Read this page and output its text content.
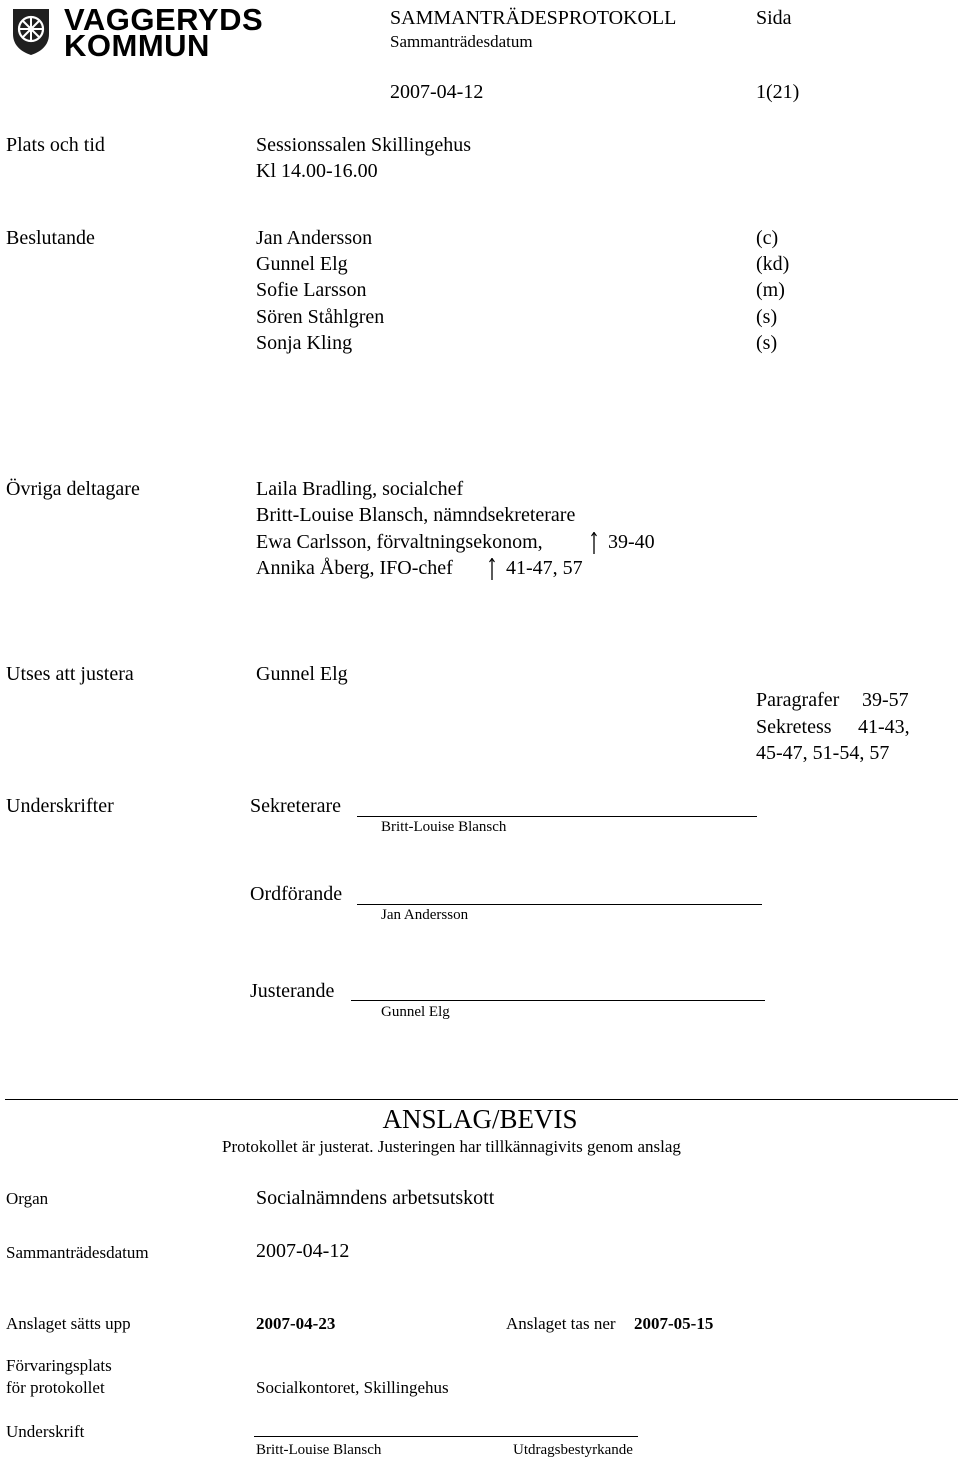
VAGGERYDS
KOMMUN
SAMMANTRÄDESPROTOKOLL	Sida
Sammanträdesdatum
2007-04-12	1(21)
Plats och tid	Sessionssalen Skillingehus
Kl 14.00-16.00
Beslutande	Jan Andersson	(c)
Gunnel Elg	(kd)
Sofie Larsson	(m)
Sören Ståhlgren	(s)
Sonja Kling	(s)
Övriga deltagare	Laila Bradling, socialchef
Britt-Louise Blansch, nämndsekreterare
Ewa Carlsson, förvaltningsekonom,	39-40
Annika Åberg, IFO-chef	41-47, 57
Utses att justera	Gunnel Elg
Paragrafer 39-57
Sekretess 41-43,
45-47, 51-54, 57
Underskrifter	Sekreterare
Britt-Louise Blansch
Ordförande
Jan Andersson
Justerande
Gunnel Elg
ANSLAG/BEVIS
Protokollet är justerat. Justeringen har tillkännagivits genom anslag
Organ	Socialnämndens arbetsutskott
Sammanträdesdatum	2007-04-12
Anslaget sätts upp	2007-04-23	Anslaget tas ner 2007-05-15
Förvaringsplats
för protokollet	Socialkontoret, Skillingehus
Underskrift
Britt-Louise Blansch	Utdragsbestyrkande
